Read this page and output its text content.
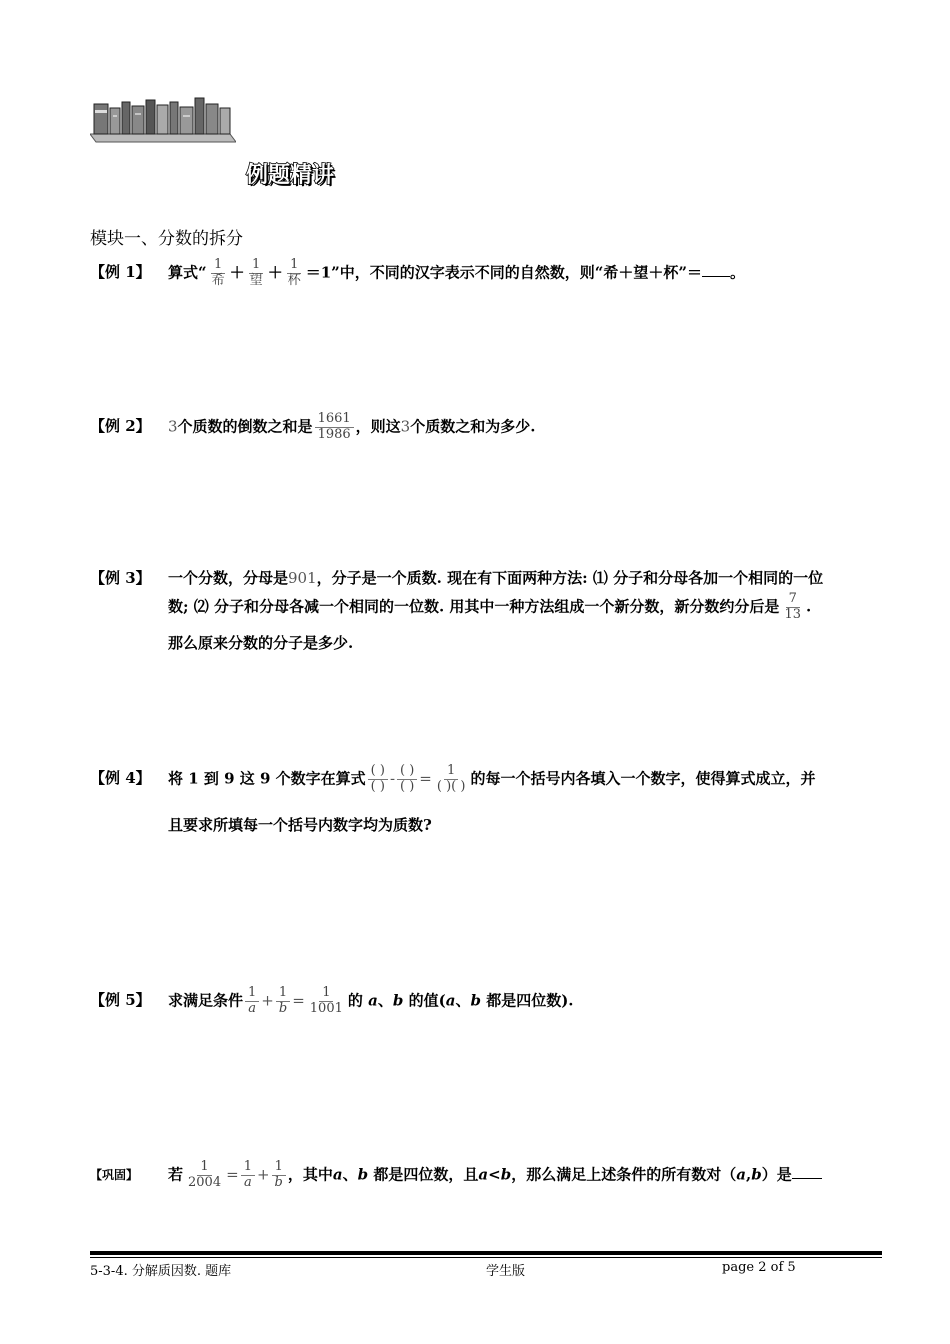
例题精讲
模块一、分数的拆分
【例 1】 算式“ $\frac{1}{\text{希}} + \frac{1}{\text{望}} + \frac{1}{\text{杯}} =1$”中，不同的汉字表示不同的自然数，则“希＋望＋杯”＝ 。
【例 2】 3个质数的倒数之和是 $\frac{1661}{1986}$ ，则这3个质数之和为多少.
【例 3】 一个分数，分母是901，分子是一个质数. 现在有下面两种方法: ⑴ 分子和分母各加一个相同的一位
数; ⑵ 分子和分母各减一个相同的一位数. 用其中一种方法组成一个新分数，新分数约分后是 $\frac{7}{13}$ .
那么原来分数的分子是多少.
【例 4】 将 1 到 9 这 9 个数字在算式 $\frac{( )}{( )} - \frac{( )}{( )} = \frac{1}{( )( )}$ 的每一个括号内各填入一个数字，使得算式成立，并
且要求所填每一个括号内数字均为质数?
【例 5】 求满足条件 $\frac{1}{a} + \frac{1}{b} = \frac{1}{1001}$ 的 a、b 的值(a、b 都是四位数).
【巩固】 若 $\frac{1}{2004} = \frac{1}{a} + \frac{1}{b}$ ，其中a、b 都是四位数，且a<b，那么满足上述条件的所有数对（a,b）是
5-3-4. 分解质因数. 题库	学生版	page 2 of 5
